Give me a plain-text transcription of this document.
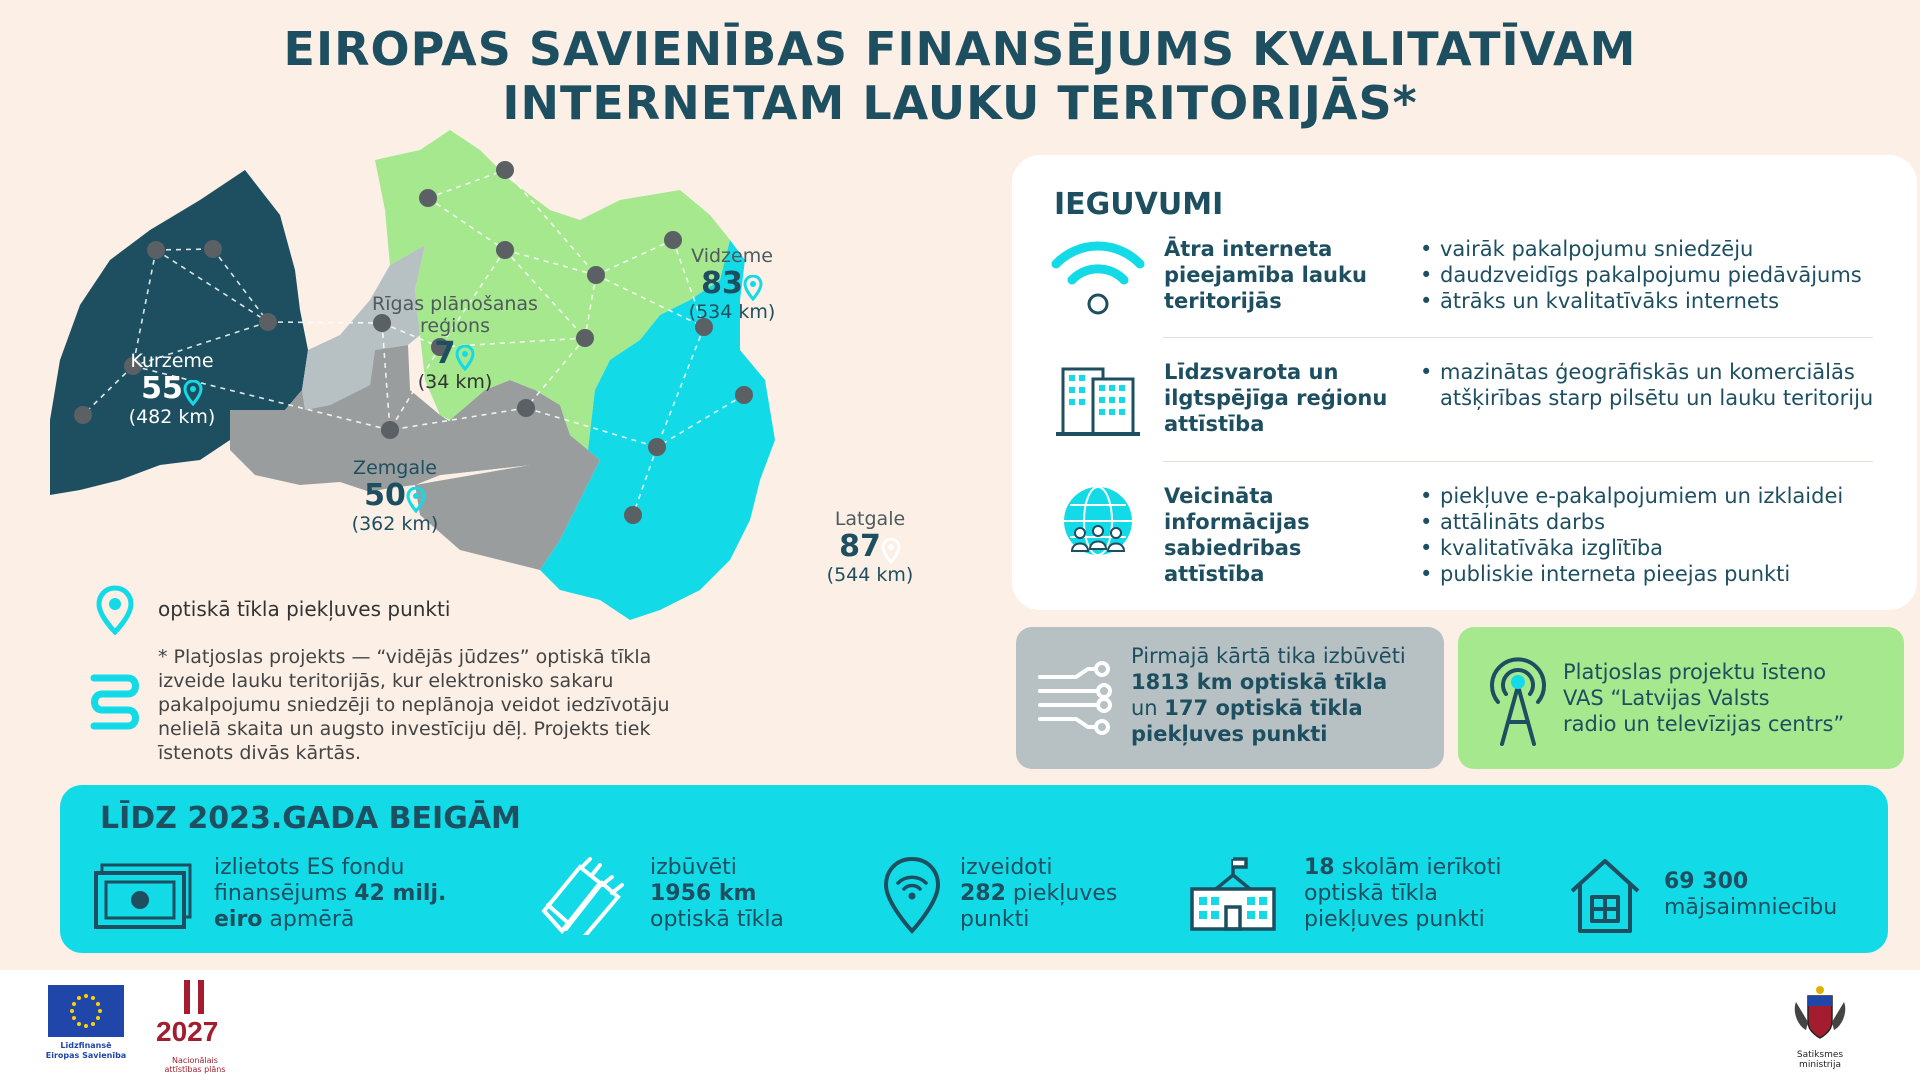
EIROPAS SAVIENĪBAS FINANSĒJUMS KVALITATĪVAM
INTERNETAM LAUKU TERITORIJĀS*
Kurzeme
55
(482 km)
Rīgas plānošanas
reģions
7
(34 km)
Zemgale
50
(362 km)
Vidzeme
83
(534 km)
Latgale
87
(544 km)
optiskā tīkla piekļuves punkti
* Platjoslas projekts — “vidējās jūdzes” optiskā tīkla izveide lauku teritorijās, kur elektronisko sakaru pakalpojumu sniedzēji to neplānoja veidot iedzīvotāju nelielā skaita un augsto investīciju dēļ. Projekts tiek īstenots divās kārtās.
IEGUVUMI
Ātra interneta pieejamība lauku teritorijās
• vairāk pakalpojumu sniedzēju
• daudzveidīgs pakalpojumu piedāvājums
• ātrāks un kvalitatīvāks internets
Līdzsvarota un ilgtspējīga reģionu attīstība
• mazinātas ģeogrāfiskās un komerciālās atšķirības starp pilsētu un lauku teritoriju
Veicināta informācijas sabiedrības attīstība
• piekļuve e-pakalpojumiem un izklaidei
• attālināts darbs
• kvalitatīvāka izglītība
• publiskie interneta pieejas punkti
Pirmajā kārtā tika izbūvēti
1813 km optiskā tīkla
un 177 optiskā tīkla
piekļuves punkti
Platjoslas projektu īsteno
VAS “Latvijas Valsts
radio un televīzijas centrs”
LĪDZ 2023.GADA BEIGĀM
izlietots ES fondu
finansējums 42 milj.
eiro apmērā
izbūvēti
1956 km
optiskā tīkla
izveidoti
282 piekļuves
punkti
18 skolām ierīkoti
optiskā tīkla
piekļuves punkti
69 300
mājsaimniecību
Līdzfinansē
Eiropas Savienība
2027
Nacionālais
attīstības plāns
Satiksmes ministrija
